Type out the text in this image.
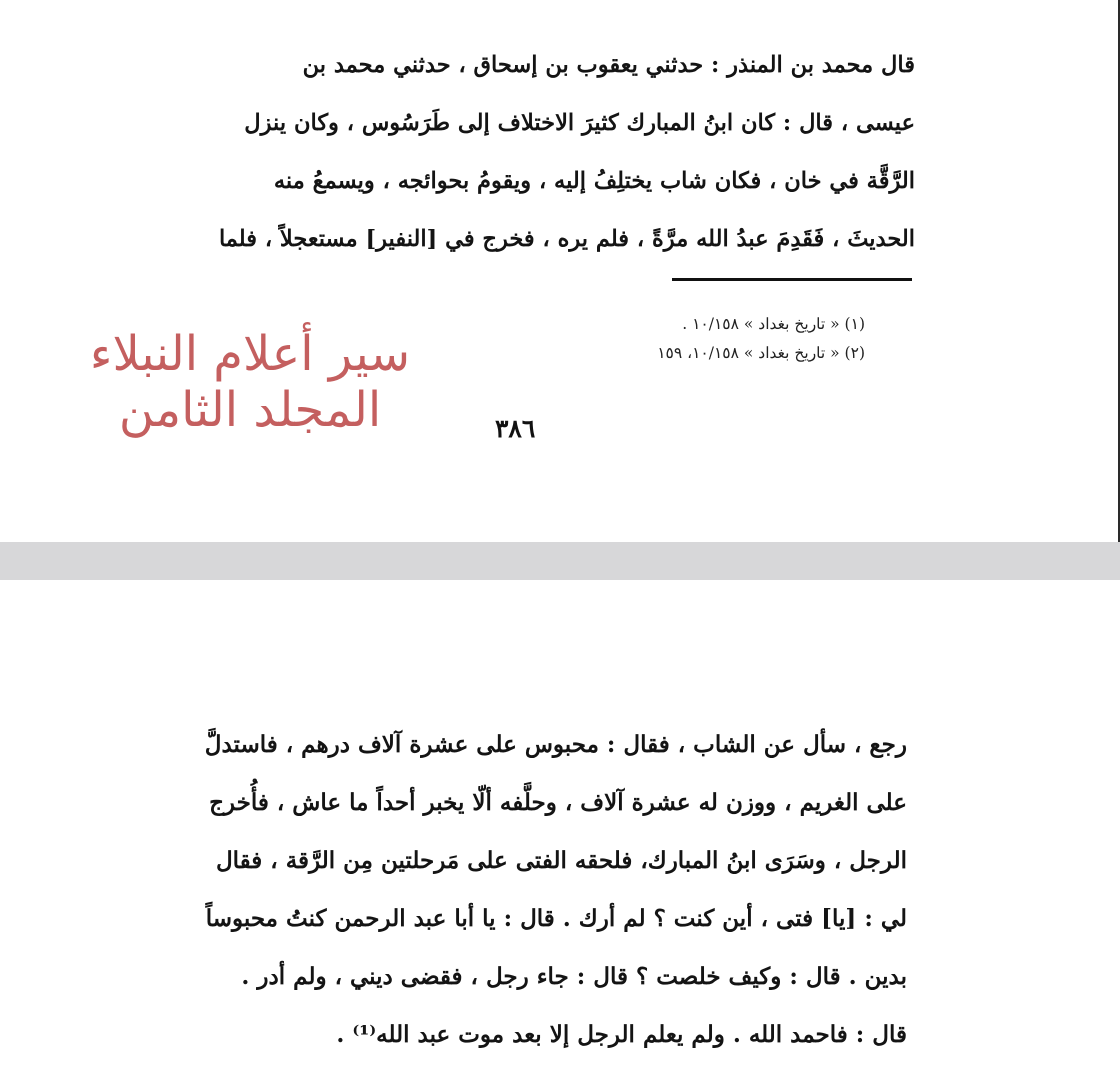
قال محمد بن المنذر : حدثني يعقوب بن إسحاق ، حدثني محمد بن
عيسى ، قال : كان ابنُ المبارك كثيرَ الاختلاف إلى طَرَسُوس ، وكان ينزل
الرَّقَّة في خان ، فكان شاب يختلِفُ إليه ، ويقومُ بحوائجه ، ويسمعُ منه
الحديثَ ، فَقَدِمَ عبدُ الله مرَّةً ، فلم يره ، فخرج في [النفير] مستعجلاً ، فلما
(١) « تاريخ بغداد » ١٠/١٥٨ .
(٢) « تاريخ بغداد » ١٠/١٥٨، ١٥٩
سير أعلام النبلاء
المجلد الثامن	٣٨٦
رجع ، سأل عن الشاب ، فقال : محبوس على عشرة آلاف درهم ، فاستدلَّ
على الغريم ، ووزن له عشرة آلاف ، وحلَّفه ألّا يخبر أحداً ما عاش ، فأُخرج
الرجل ، وسَرَى ابنُ المبارك، فلحقه الفتى على مَرحلتين مِن الرَّقة ، فقال
لي : [يا] فتى ، أين كنت ؟ لم أرك . قال : يا أبا عبد الرحمن كنتُ محبوساً
بدين . قال : وكيف خلصت ؟ قال : جاء رجل ، فقضى ديني ، ولم أدر .
قال : فاحمد الله . ولم يعلم الرجل إلا بعد موت عبد الله⁽¹⁾ .
